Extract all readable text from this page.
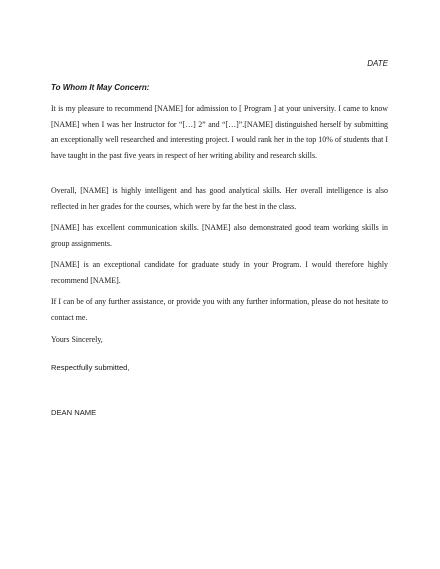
DATE
To Whom It May Concern:
It is my pleasure to recommend [NAME] for admission to [ Program ] at your university. I came to know [NAME] when I was her Instructor for “[…] 2” and “[…]”.[NAME] distinguished herself by submitting an exceptionally well researched and interesting project. I would rank her in the top 10% of students that I have taught in the past five years in respect of her writing ability and research skills.
Overall, [NAME] is highly intelligent and has good analytical skills. Her overall intelligence is also reflected in her grades for the courses, which were by far the best in the class.
[NAME] has excellent communication skills. [NAME] also demonstrated good team working skills in group assignments.
[NAME] is an exceptional candidate for graduate study in your Program. I would therefore highly recommend [NAME].
If I can be of any further assistance, or provide you with any further information, please do not hesitate to contact me.
Yours Sincerely,
Respectfully submitted,
DEAN NAME
